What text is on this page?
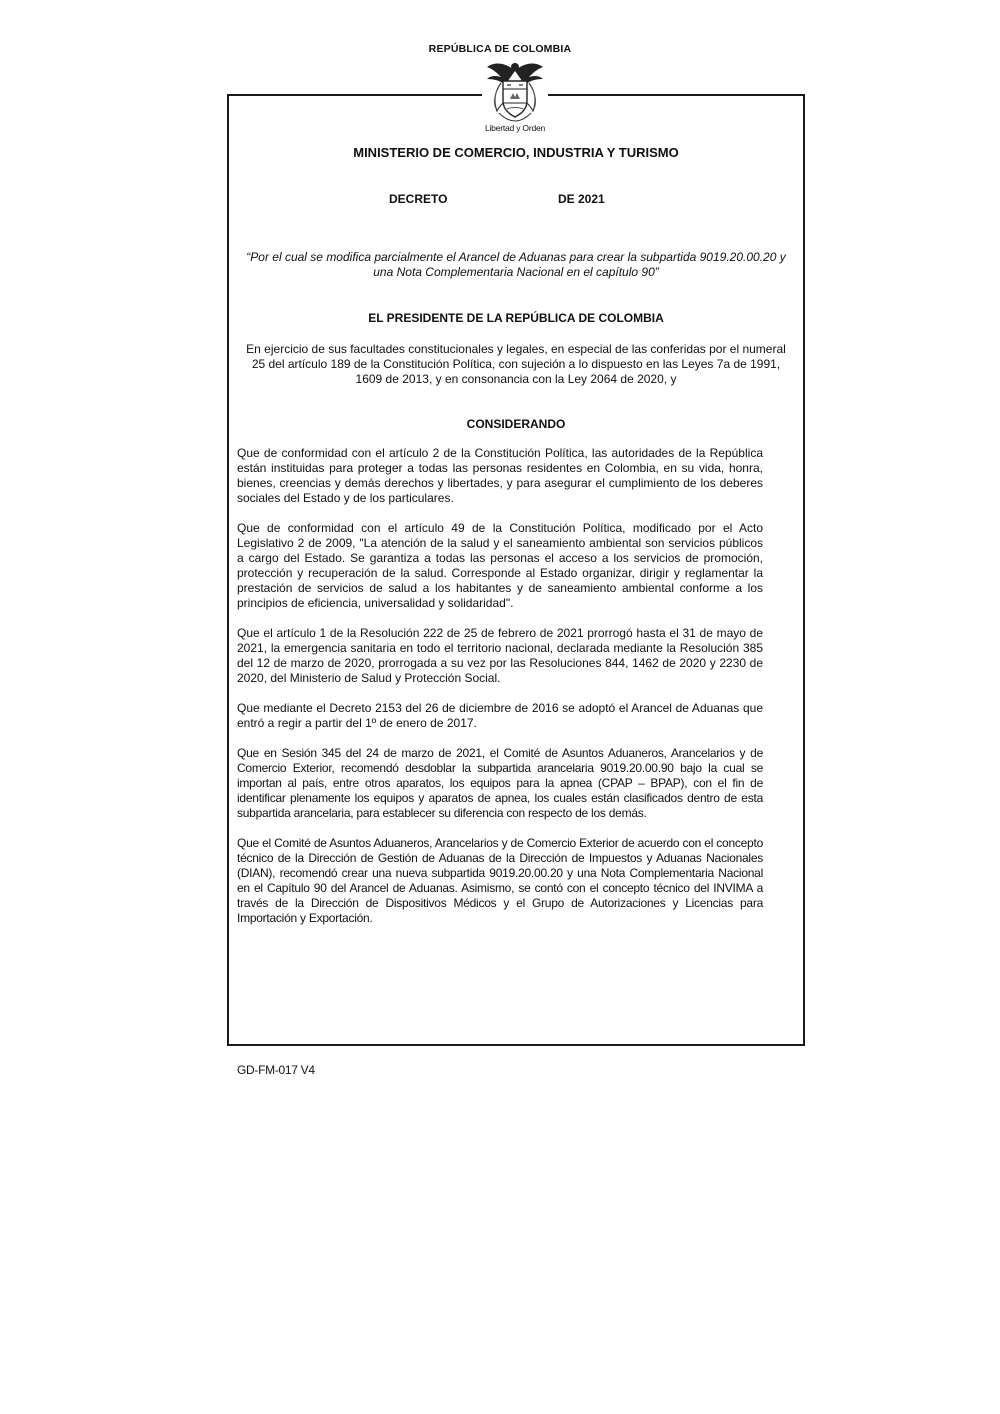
REPÚBLICA DE COLOMBIA
Libertad y Orden
MINISTERIO DE COMERCIO, INDUSTRIA Y TURISMO
DECRETO	DE 2021
“Por el cual se modifica parcialmente el Arancel de Aduanas para crear la subpartida 9019.20.00.20 y una Nota Complementaria Nacional en el capítulo 90”
EL PRESIDENTE DE LA REPÚBLICA DE COLOMBIA
En ejercicio de sus facultades constitucionales y legales, en especial de las conferidas por el numeral 25 del artículo 189 de la Constitución Política, con sujeción a lo dispuesto en las Leyes 7a de 1991, 1609 de 2013, y en consonancia con la Ley 2064 de 2020, y
CONSIDERANDO

Que de conformidad con el artículo 2 de la Constitución Política, las autoridades de la República están instituidas para proteger a todas las personas residentes en Colombia, en su vida, honra, bienes, creencias y demás derechos y libertades, y para asegurar el cumplimiento de los deberes sociales del Estado y de los particulares.

Que de conformidad con el artículo 49 de la Constitución Política, modificado por el Acto Legislativo 2 de 2009, "La atención de la salud y el saneamiento ambiental son servicios públicos a cargo del Estado. Se garantiza a todas las personas el acceso a los servicios de promoción, protección y recuperación de la salud. Corresponde al Estado organizar, dirigir y reglamentar la prestación de servicios de salud a los habitantes y de saneamiento ambiental conforme a los principios de eficiencia, universalidad y solidaridad".

Que el artículo 1 de la Resolución 222 de 25 de febrero de 2021 prorrogó hasta el 31 de mayo de 2021, la emergencia sanitaria en todo el territorio nacional, declarada mediante la Resolución 385 del 12 de marzo de 2020, prorrogada a su vez por las Resoluciones 844, 1462 de 2020 y 2230 de 2020, del Ministerio de Salud y Protección Social.

Que mediante el Decreto 2153 del 26 de diciembre de 2016 se adoptó el Arancel de Aduanas que entró a regir a partir del 1º de enero de 2017.

Que en Sesión 345 del 24 de marzo de 2021, el Comité de Asuntos Aduaneros, Arancelarios y de Comercio Exterior, recomendó desdoblar la subpartida arancelaria 9019.20.00.90 bajo la cual se importan al país, entre otros aparatos, los equipos para la apnea (CPAP – BPAP), con el fin de identificar plenamente los equipos y aparatos de apnea, los cuales están clasificados dentro de esta subpartida arancelaria, para establecer su diferencia con respecto de los demás.

Que el Comité de Asuntos Aduaneros, Arancelarios y de Comercio Exterior de acuerdo con el concepto técnico de la Dirección de Gestión de Aduanas de la Dirección de Impuestos y Aduanas Nacionales (DIAN), recomendó crear una nueva subpartida 9019.20.00.20 y una Nota Complementaria Nacional en el Capítulo 90 del Arancel de Aduanas. Asimismo, se contó con el concepto técnico del INVIMA a través de la Dirección de Dispositivos Médicos y el Grupo de Autorizaciones y Licencias para Importación y Exportación.

GD-FM-017 V4
